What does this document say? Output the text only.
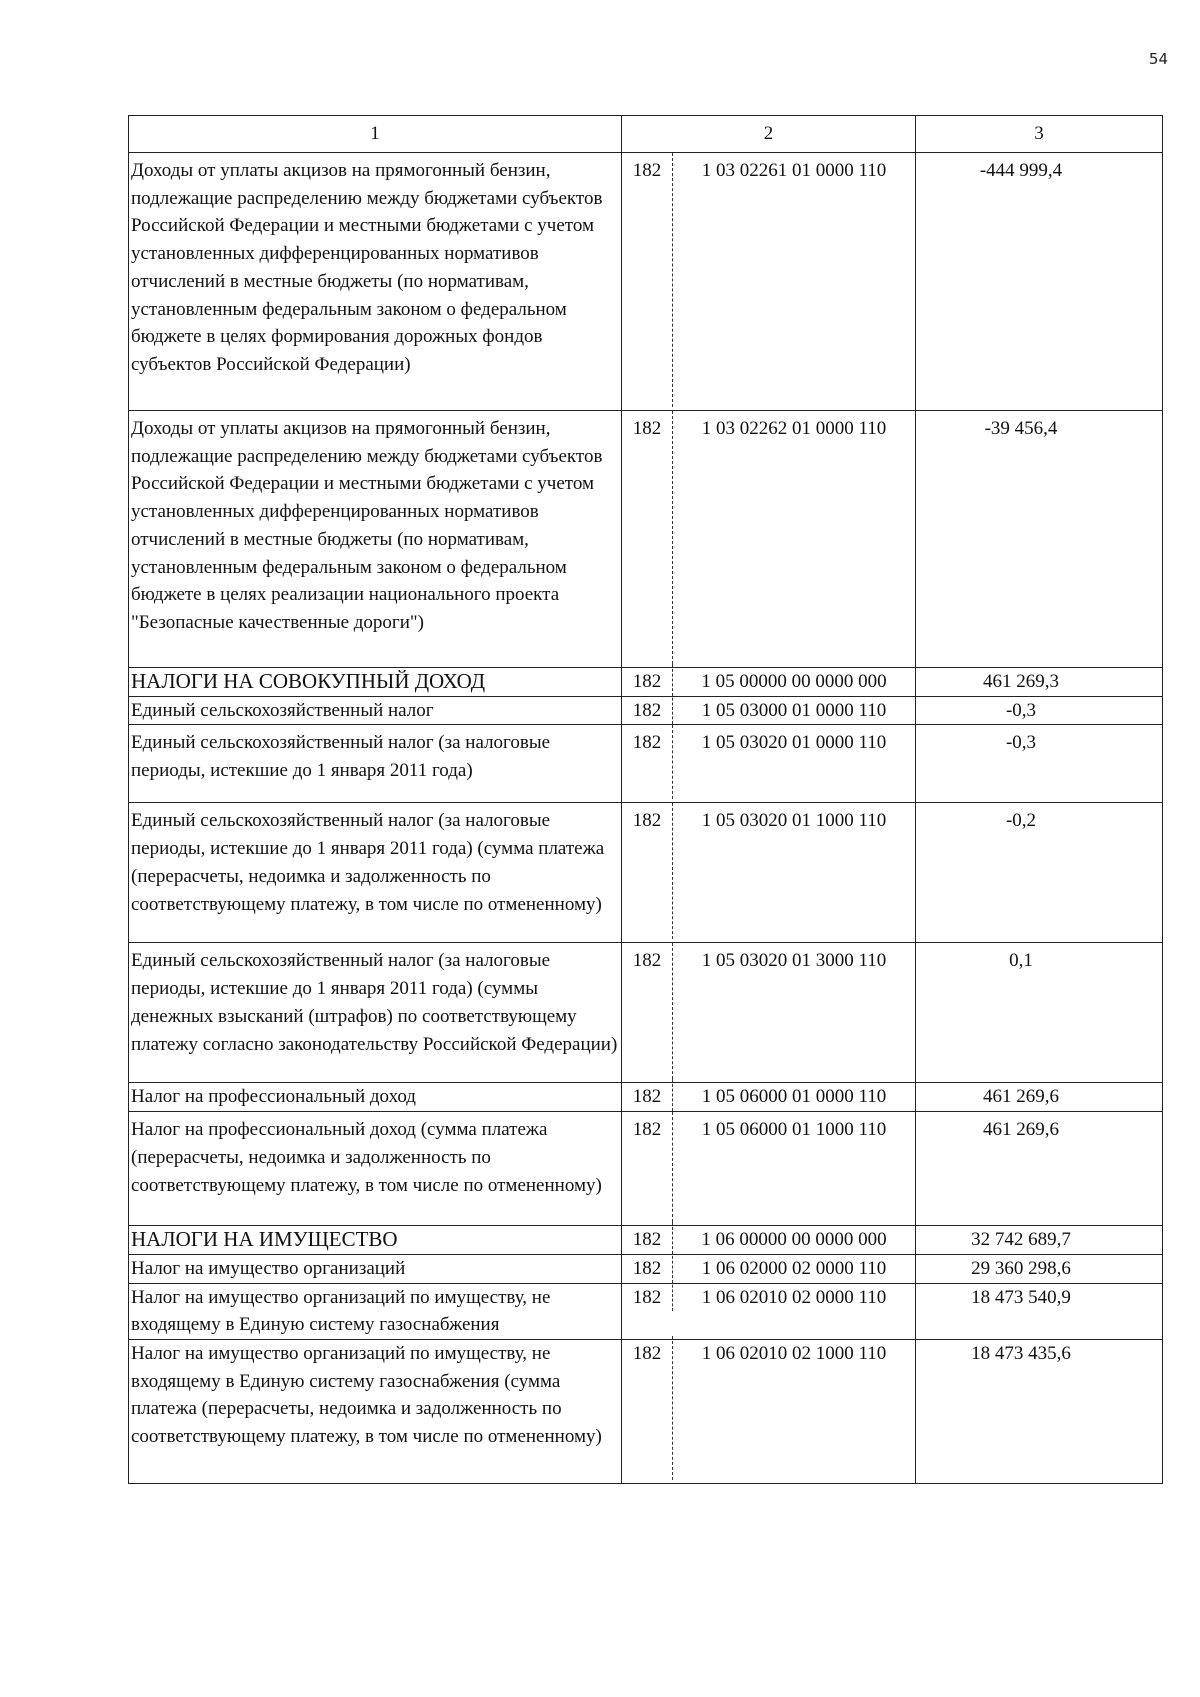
54
1	2	3
Доходы от уплаты акцизов на прямогонный бензин, подлежащие распределению между бюджетами субъектов Российской Федерации и местными бюджетами с учетом установленных дифференцированных нормативов отчислений в местные бюджеты (по нормативам, установленным федеральным законом о федеральном бюджете в целях формирования дорожных фондов субъектов Российской Федерации)	182 1 03 02261 01 0000 110	-444 999,4
Доходы от уплаты акцизов на прямогонный бензин, подлежащие распределению между бюджетами субъектов Российской Федерации и местными бюджетами с учетом установленных дифференцированных нормативов отчислений в местные бюджеты (по нормативам, установленным федеральным законом о федеральном бюджете в целях реализации национального проекта "Безопасные качественные дороги")	182 1 03 02262 01 0000 110	-39 456,4
НАЛОГИ НА СОВОКУПНЫЙ ДОХОД	182 1 05 00000 00 0000 000	461 269,3
Единый сельскохозяйственный налог	182 1 05 03000 01 0000 110	-0,3
Единый сельскохозяйственный налог (за налоговые периоды, истекшие до 1 января 2011 года)	182 1 05 03020 01 0000 110	-0,3
Единый сельскохозяйственный налог (за налоговые периоды, истекшие до 1 января 2011 года) (сумма платежа (перерасчеты, недоимка и задолженность по соответствующему платежу, в том числе по отмененному)	182 1 05 03020 01 1000 110	-0,2
Единый сельскохозяйственный налог (за налоговые периоды, истекшие до 1 января 2011 года) (суммы денежных взысканий (штрафов) по соответствующему платежу согласно законодательству Российской Федерации)	182 1 05 03020 01 3000 110	0,1
Налог на профессиональный доход	182 1 05 06000 01 0000 110	461 269,6
Налог на профессиональный доход (сумма платежа (перерасчеты, недоимка и задолженность по соответствующему платежу, в том числе по отмененному)	182 1 05 06000 01 1000 110	461 269,6
НАЛОГИ НА ИМУЩЕСТВО	182 1 06 00000 00 0000 000	32 742 689,7
Налог на имущество организаций	182 1 06 02000 02 0000 110	29 360 298,6
Налог на имущество организаций по имуществу, не входящему в Единую систему газоснабжения	182 1 06 02010 02 0000 110	18 473 540,9
Налог на имущество организаций по имуществу, не входящему в Единую систему газоснабжения (сумма платежа (перерасчеты, недоимка и задолженность по соответствующему платежу, в том числе по отмененному)	182 1 06 02010 02 1000 110	18 473 435,6
